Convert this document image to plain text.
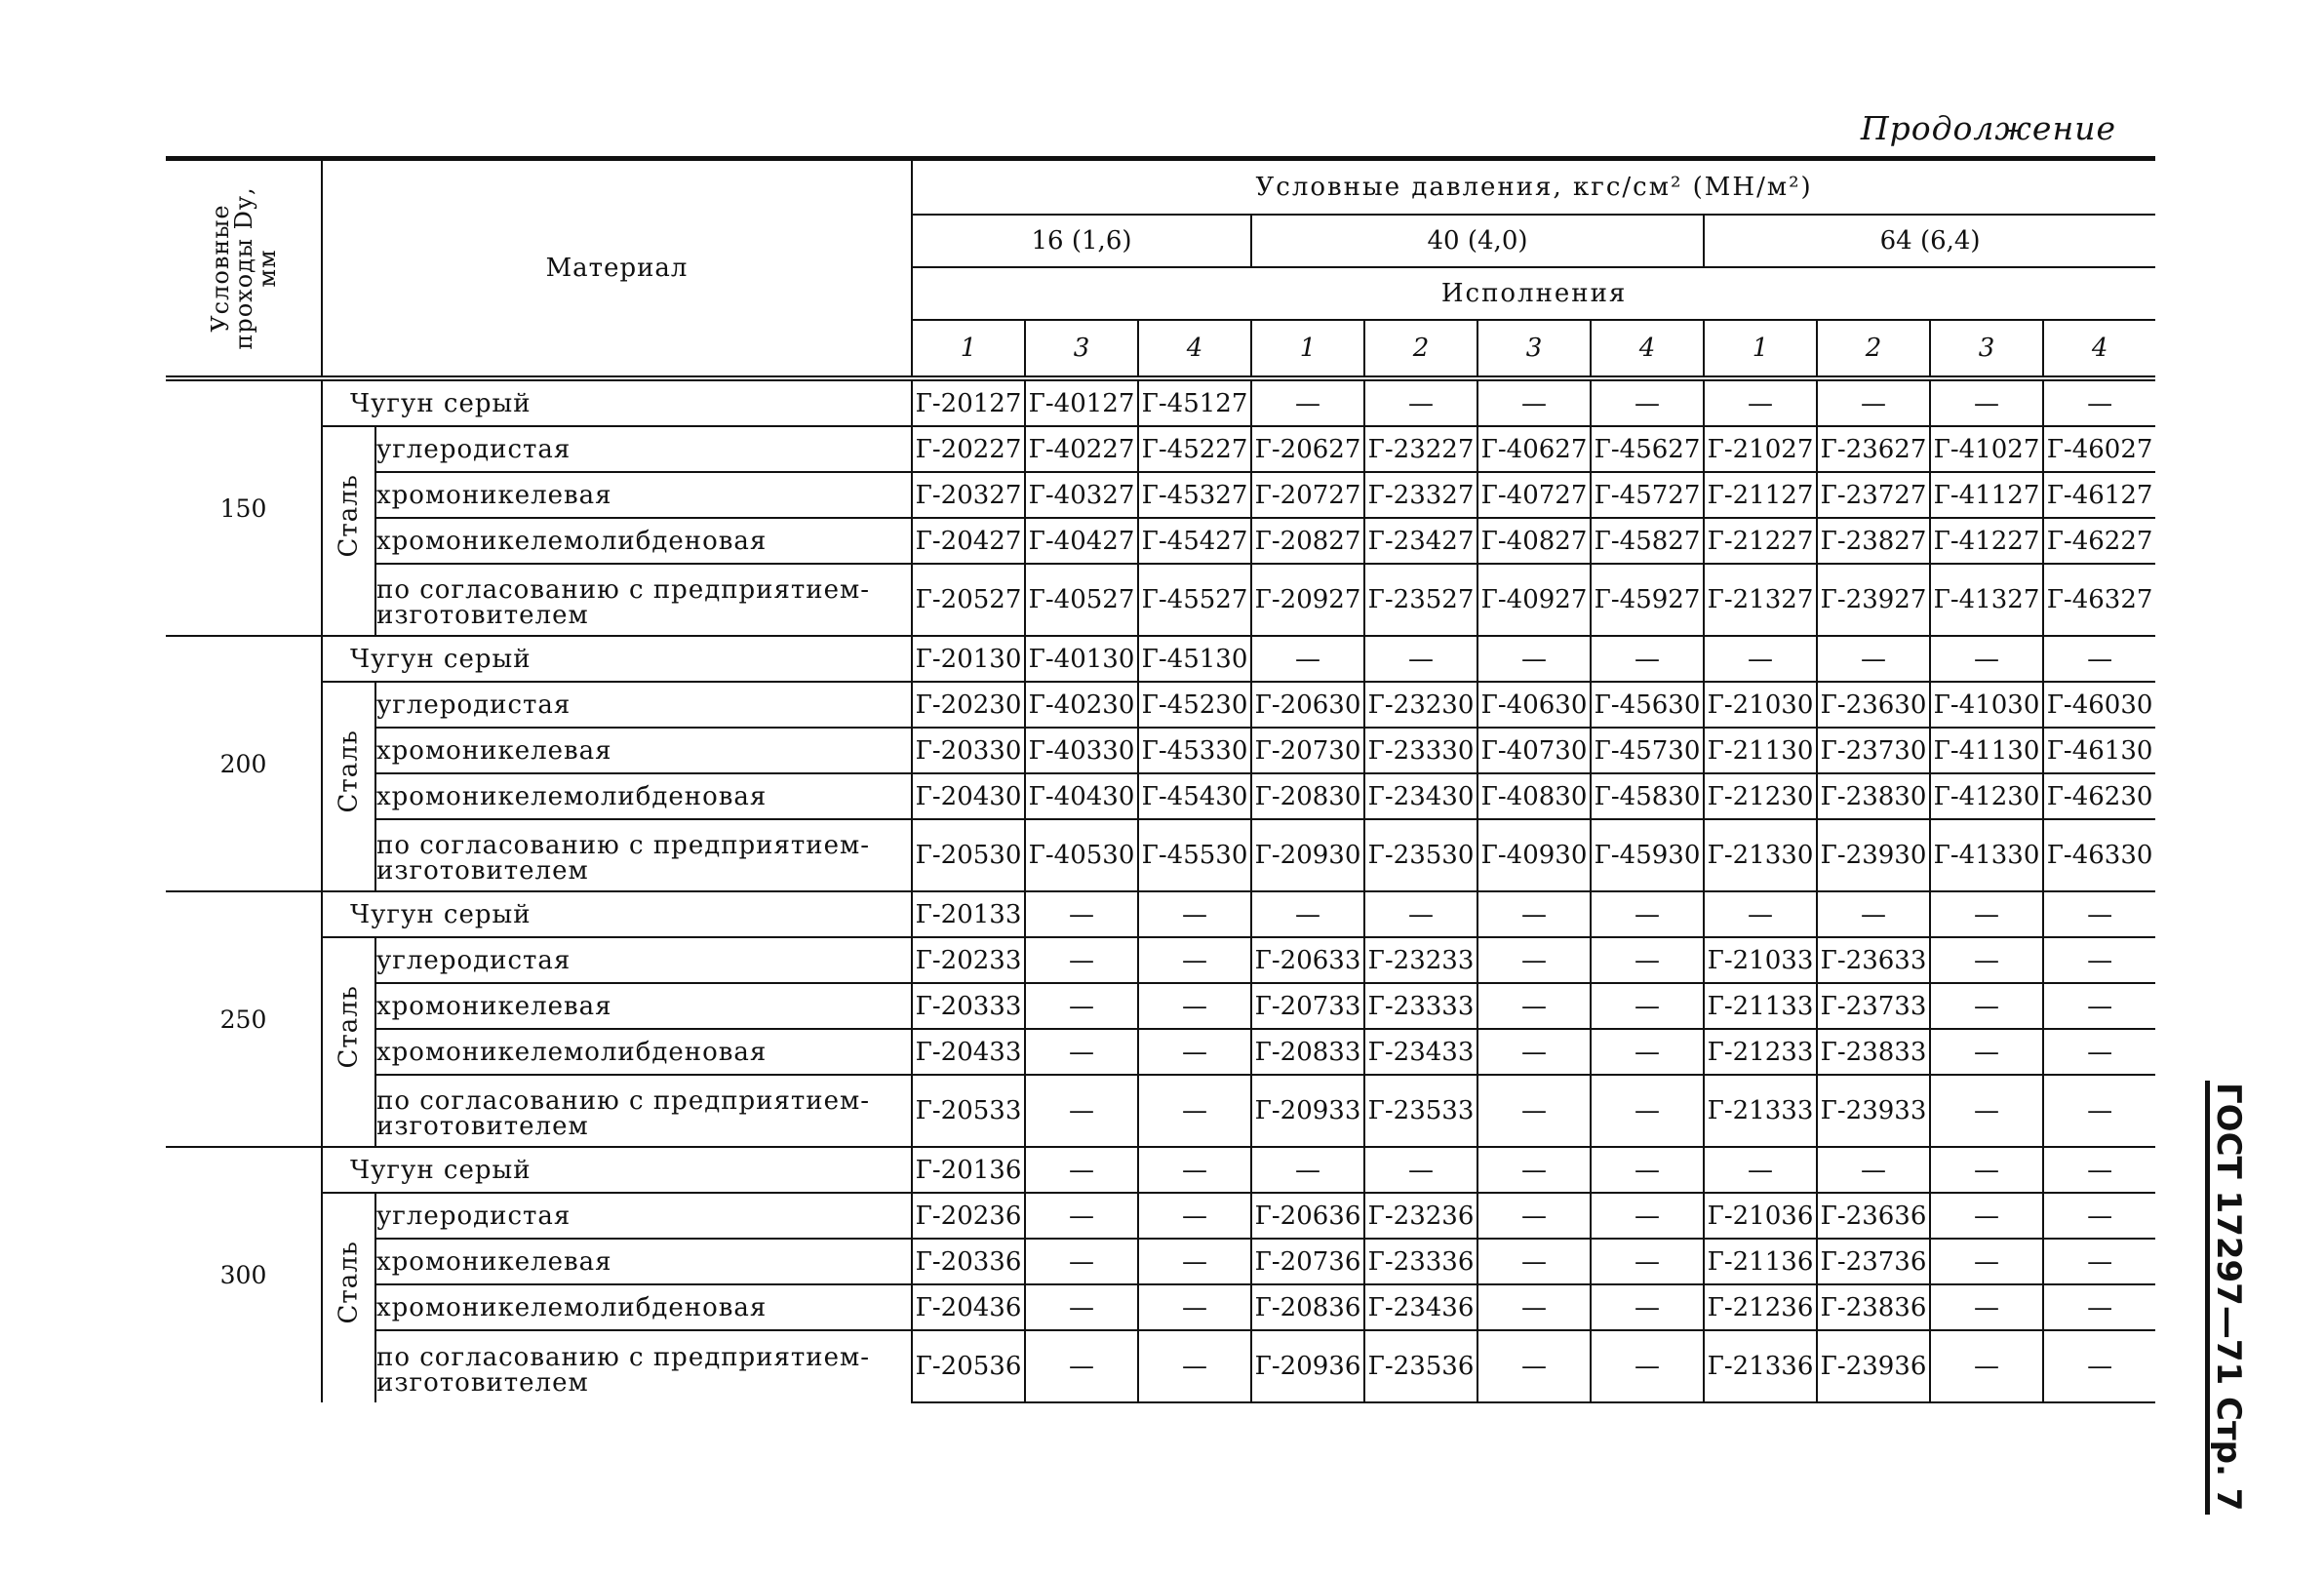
Продолжение
ГОСТ 17297—71 Стр. 7
Условные проходы Dу, мм	Материал		Условные давления, кгс/см² (МН/м²)										
			16 (1,6)			40 (4,0)				64 (6,4)			
			Исполнения										
			1	3	4	1	2	3	4	1	2	3	4
150	Чугун серый		Г-20127	Г-40127	Г-45127	—	—	—	—	—	—	—	—

	Сталь	углеродистая	Г-20227	Г-40227	Г-45227	Г-20627	Г-23227	Г-40627	Г-45627	Г-21027	Г-23627	Г-41027	Г-46027
		хромоникелевая	Г-20327	Г-40327	Г-45327	Г-20727	Г-23327	Г-40727	Г-45727	Г-21127	Г-23727	Г-41127	Г-46127
		хромоникелемолибденовая	Г-20427	Г-40427	Г-45427	Г-20827	Г-23427	Г-40827	Г-45827	Г-21227	Г-23827	Г-41227	Г-46227
		по согласованию с предприятием-изготовителем	Г-20527	Г-40527	Г-45527	Г-20927	Г-23527	Г-40927	Г-45927	Г-21327	Г-23927	Г-41327	Г-46327
200	Чугун серый		Г-20130	Г-40130	Г-45130	—	—	—	—	—	—	—	—

	Сталь	углеродистая	Г-20230	Г-40230	Г-45230	Г-20630	Г-23230	Г-40630	Г-45630	Г-21030	Г-23630	Г-41030	Г-46030
		хромоникелевая	Г-20330	Г-40330	Г-45330	Г-20730	Г-23330	Г-40730	Г-45730	Г-21130	Г-23730	Г-41130	Г-46130
		хромоникелемолибденовая	Г-20430	Г-40430	Г-45430	Г-20830	Г-23430	Г-40830	Г-45830	Г-21230	Г-23830	Г-41230	Г-46230
		по согласованию с предприятием-изготовителем	Г-20530	Г-40530	Г-45530	Г-20930	Г-23530	Г-40930	Г-45930	Г-21330	Г-23930	Г-41330	Г-46330
250	Чугун серый		Г-20133	—	—	—	—	—	—	—	—	—	—

	Сталь	углеродистая	Г-20233	—	—	Г-20633	Г-23233	—	—	Г-21033	Г-23633	—	—
		хромоникелевая	Г-20333	—	—	Г-20733	Г-23333	—	—	Г-21133	Г-23733	—	—
		хромоникелемолибденовая	Г-20433	—	—	Г-20833	Г-23433	—	—	Г-21233	Г-23833	—	—
		по согласованию с предприятием-изготовителем	Г-20533	—	—	Г-20933	Г-23533	—	—	Г-21333	Г-23933	—	—
300	Чугун серый		Г-20136	—	—	—	—	—	—	—	—	—	—

	Сталь	углеродистая	Г-20236	—	—	Г-20636	Г-23236	—	—	Г-21036	Г-23636	—	—
		хромоникелевая	Г-20336	—	—	Г-20736	Г-23336	—	—	Г-21136	Г-23736	—	—
		хромоникелемолибденовая	Г-20436	—	—	Г-20836	Г-23436	—	—	Г-21236	Г-23836	—	—
		по согласованию с предприятием-изготовителем	Г-20536	—	—	Г-20936	Г-23536	—	—	Г-21336	Г-23936	—	—
